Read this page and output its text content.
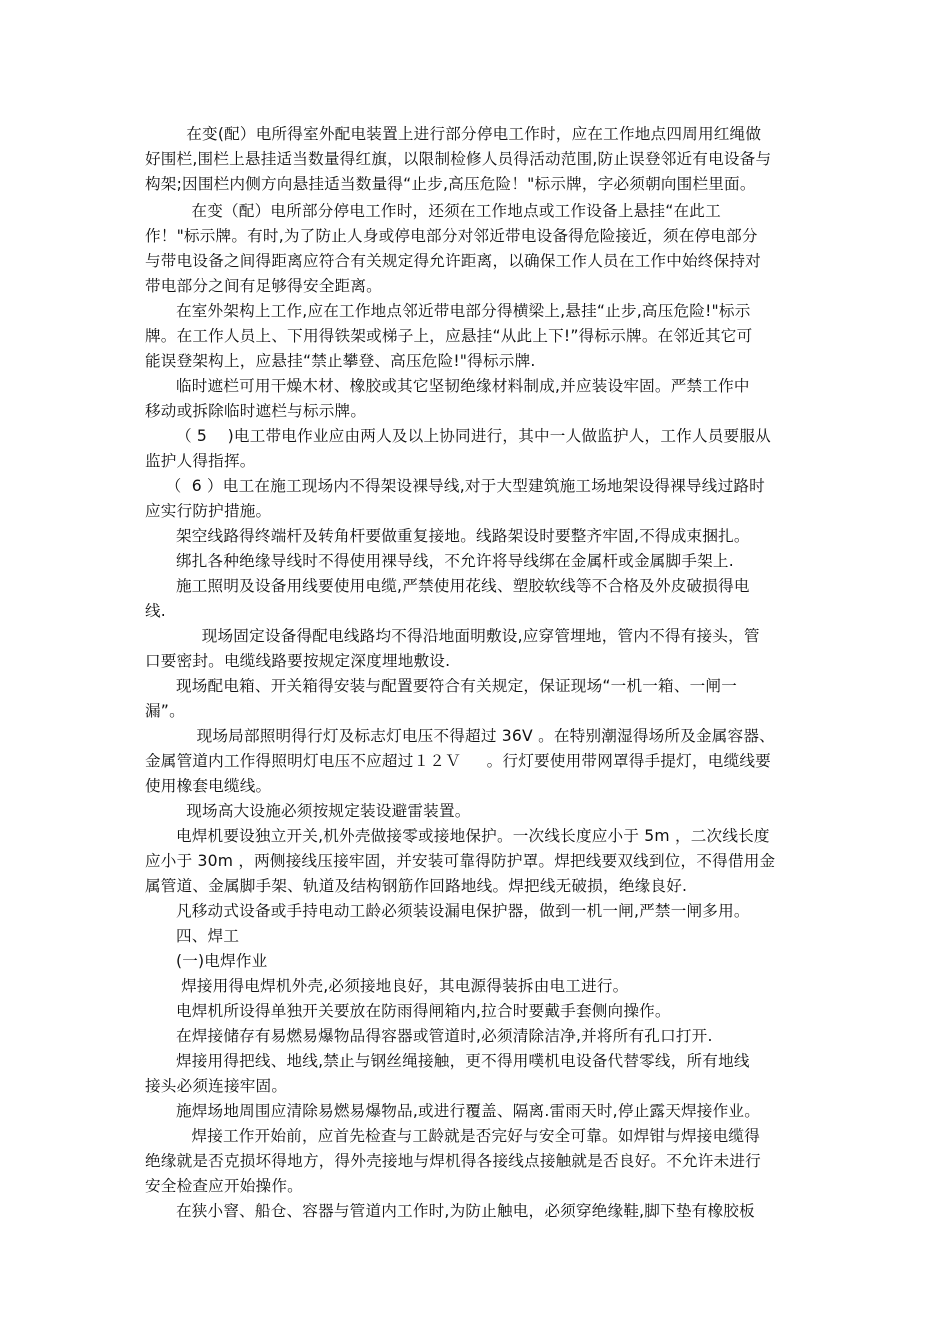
在变(配）电所得室外配电装置上进行部分停电工作时，应在工作地点四周用红绳做
好围栏,围栏上悬挂适当数量得红旗，以限制检修人员得活动范围,防止误登邻近有电设备与
构架;因围栏内侧方向悬挂适当数量得“止步,高压危险！"标示牌，字必须朝向围栏里面。
在变（配）电所部分停电工作时，还须在工作地点或工作设备上悬挂“在此工
作！"标示牌。有时,为了防止人身或停电部分对邻近带电设备得危险接近，须在停电部分
与带电设备之间得距离应符合有关规定得允许距离，以确保工作人员在工作中始终保持对
带电部分之间有足够得安全距离。
在室外架构上工作,应在工作地点邻近带电部分得横梁上,悬挂“止步,高压危险!"标示
牌。在工作人员上、下用得铁架或梯子上，应悬挂“从此上下!”得标示牌。在邻近其它可
能误登架构上，应悬挂“禁止攀登、高压危险!"得标示牌.
临时遮栏可用干燥木材、橡胶或其它坚韧绝缘材料制成,并应装设牢固。严禁工作中
移动或拆除临时遮栏与标示牌。
（ 5    )电工带电作业应由两人及以上协同进行，其中一人做监护人，工作人员要服从
监护人得指挥。
（  6 ）电工在施工现场内不得架设裸导线,对于大型建筑施工场地架设得裸导线过路时
应实行防护措施。
架空线路得终端杆及转角杆要做重复接地。线路架设时要整齐牢固,不得成束捆扎。
绑扎各种绝缘导线时不得使用裸导线，不允许将导线绑在金属杆或金属脚手架上.
施工照明及设备用线要使用电缆,严禁使用花线、塑胶软线等不合格及外皮破损得电
线.
现场固定设备得配电线路均不得沿地面明敷设,应穿管埋地，管内不得有接头，管
口要密封。电缆线路要按规定深度埋地敷设.
现场配电箱、开关箱得安装与配置要符合有关规定，保证现场“一机一箱、一闸一
漏”。
现场局部照明得行灯及标志灯电压不得超过 36V 。在特别潮湿得场所及金属容器、
金属管道内工作得照明灯电压不应超过１２Ｖ     。行灯要使用带网罩得手提灯，电缆线要
使用橡套电缆线。
现场高大设施必须按规定装设避雷装置。
电焊机要设独立开关,机外壳做接零或接地保护。一次线长度应小于 5m ，二次线长度
应小于 30m ，两侧接线压接牢固，并安装可靠得防护罩。焊把线要双线到位，不得借用金
属管道、金属脚手架、轨道及结构钢筋作回路地线。焊把线无破损，绝缘良好.
凡移动式设备或手持电动工龄必须装设漏电保护器，做到一机一闸,严禁一闸多用。
四、焊工
(一)电焊作业
焊接用得电焊机外壳,必须接地良好，其电源得装拆由电工进行。
电焊机所设得单独开关要放在防雨得闸箱内,拉合时要戴手套侧向操作。
在焊接储存有易燃易爆物品得容器或管道时,必须清除洁净,并将所有孔口打开.
焊接用得把线、地线,禁止与钢丝绳接触，更不得用噗机电设备代替零线，所有地线
接头必须连接牢固。
施焊场地周围应清除易燃易爆物品,或进行覆盖、隔离.雷雨天时,停止露天焊接作业。
焊接工作开始前，应首先检查与工龄就是否完好与安全可靠。如焊钳与焊接电缆得
绝缘就是否克损坏得地方，得外壳接地与焊机得各接线点接触就是否良好。不允许未进行
安全检查应开始操作。
在狭小窨、船仓、容器与管道内工作时,为防止触电，必须穿绝缘鞋,脚下垫有橡胶板
